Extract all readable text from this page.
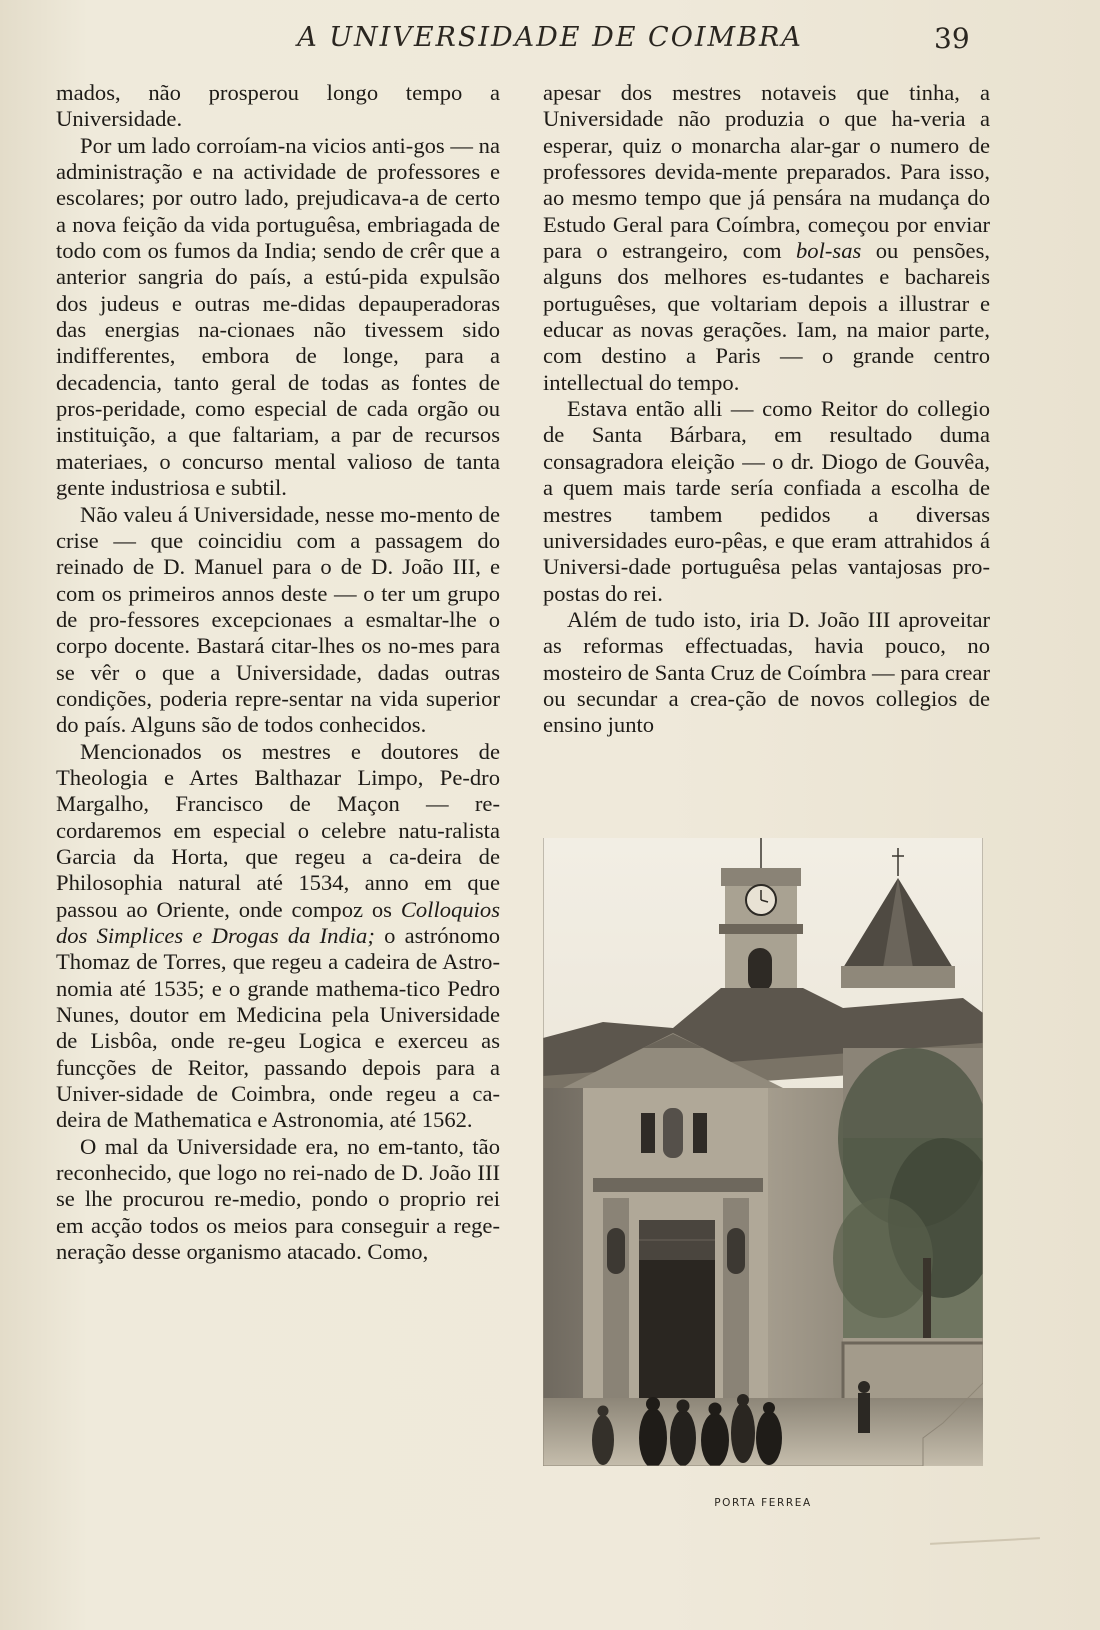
A UNIVERSIDADE DE COIMBRA	39

mados, não prosperou longo tempo a Universidade.

Por um lado corroíam-na vicios anti-gos — na administração e na actividade de professores e escolares; por outro lado, prejudicava-a de certo a nova feição da vida portuguêsa, embriagada de todo com os fumos da India; sendo de crêr que a anterior sangria do país, a estú-pida expulsão dos judeus e outras me-didas depauperadoras das energias na-cionaes não tivessem sido indifferentes, embora de longe, para a decadencia, tanto geral de todas as fontes de pros-peridade, como especial de cada orgão ou instituição, a que faltariam, a par de recursos materiaes, o concurso mental valioso de tanta gente industriosa e subtil.

Não valeu á Universidade, nesse mo-mento de crise — que coincidiu com a passagem do reinado de D. Manuel para o de D. João III, e com os primeiros annos deste — o ter um grupo de pro-fessores excepcionaes a esmaltar-lhe o corpo docente. Bastará citar-lhes os no-mes para se vêr o que a Universidade, dadas outras condições, poderia repre-sentar na vida superior do país. Alguns são de todos conhecidos.

Mencionados os mestres e doutores de Theologia e Artes Balthazar Limpo, Pe-dro Margalho, Francisco de Maçon — re-cordaremos em especial o celebre natu-ralista Garcia da Horta, que regeu a ca-deira de Philosophia natural até 1534, anno em que passou ao Oriente, onde compoz os Colloquios dos Simplices e Drogas da India; o astrónomo Thomaz de Torres, que regeu a cadeira de Astro-nomia até 1535; e o grande mathema-tico Pedro Nunes, doutor em Medicina pela Universidade de Lisbôa, onde re-geu Logica e exerceu as funcções de Reitor, passando depois para a Univer-sidade de Coimbra, onde regeu a ca-deira de Mathematica e Astronomia, até 1562.

O mal da Universidade era, no em-tanto, tão reconhecido, que logo no rei-nado de D. João III se lhe procurou re-medio, pondo o proprio rei em acção todos os meios para conseguir a rege-neração desse organismo atacado. Como,

apesar dos mestres notaveis que tinha, a Universidade não produzia o que ha-veria a esperar, quiz o monarcha alar-gar o numero de professores devida-mente preparados. Para isso, ao mesmo tempo que já pensára na mudança do Estudo Geral para Coímbra, começou por enviar para o estrangeiro, com bol-sas ou pensões, alguns dos melhores es-tudantes e bachareis portuguêses, que voltariam depois a illustrar e educar as novas gerações. Iam, na maior parte, com destino a Paris — o grande centro intellectual do tempo.

Estava então alli — como Reitor do collegio de Santa Bárbara, em resultado duma consagradora eleição — o dr. Diogo de Gouvêa, a quem mais tarde sería confiada a escolha de mestres tambem pedidos a diversas universidades euro-pêas, e que eram attrahidos á Universi-dade portuguêsa pelas vantajosas pro-postas do rei.

Além de tudo isto, iria D. João III aproveitar as reformas effectuadas, havia pouco, no mosteiro de Santa Cruz de Coímbra — para crear ou secundar a crea-ção de novos collegios de ensino junto

PORTA FERREA
